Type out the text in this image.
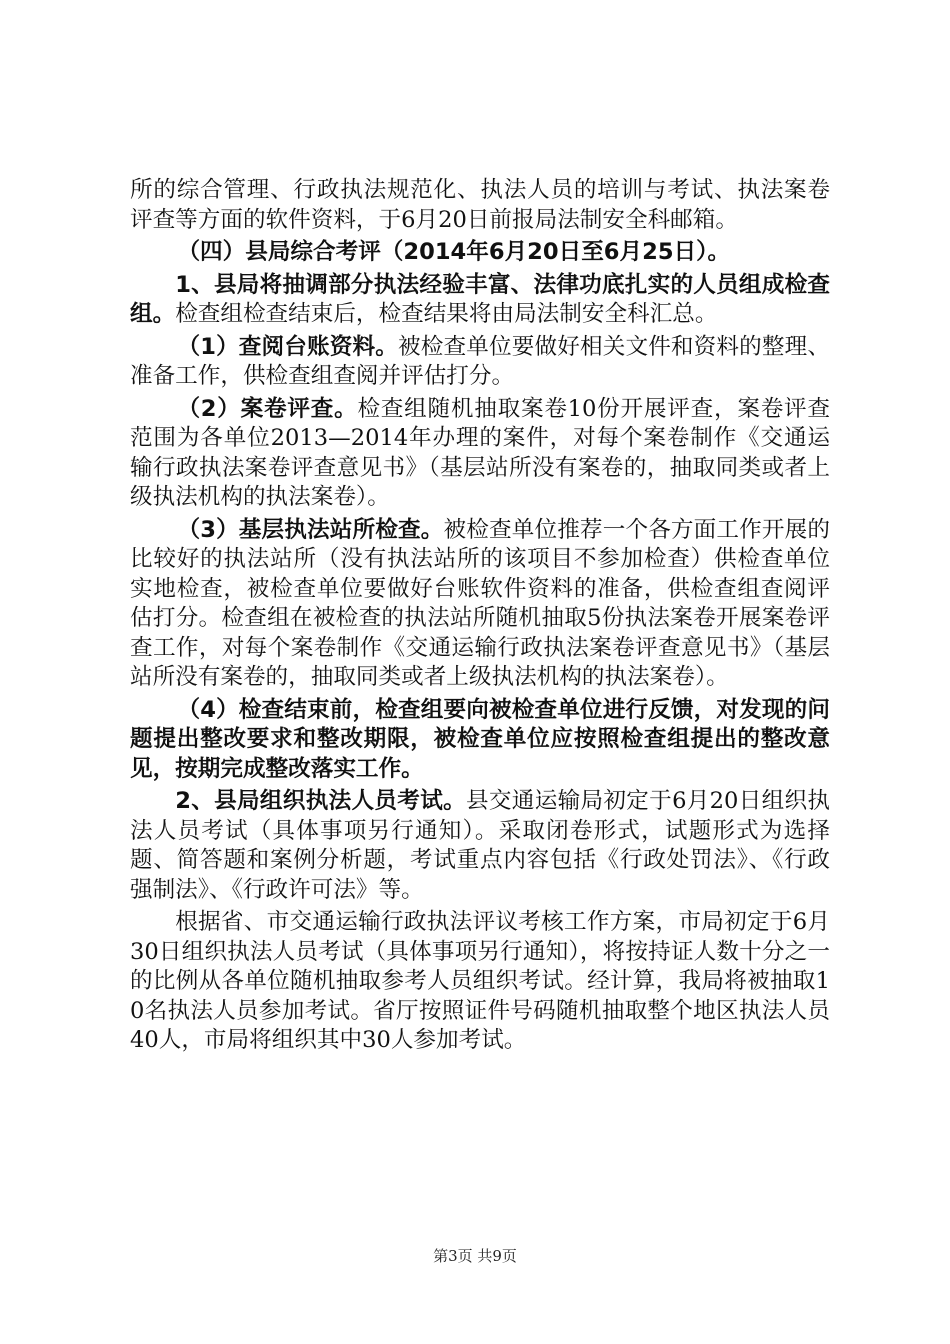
所的综合管理、行政执法规范化、执法人员的培训与考试、执法案卷评查等方面的软件资料，于6月20日前报局法制安全科邮箱。

（四）县局综合考评（2014年6月20日至6月25日）。

1、县局将抽调部分执法经验丰富、法律功底扎实的人员组成检查组。检查组检查结束后，检查结果将由局法制安全科汇总。

（1）查阅台账资料。被检查单位要做好相关文件和资料的整理、准备工作，供检查组查阅并评估打分。

（2）案卷评查。检查组随机抽取案卷10份开展评查，案卷评查范围为各单位2013—2014年办理的案件，对每个案卷制作《交通运输行政执法案卷评查意见书》（基层站所没有案卷的，抽取同类或者上级执法机构的执法案卷）。

（3）基层执法站所检查。被检查单位推荐一个各方面工作开展的比较好的执法站所（没有执法站所的该项目不参加检查）供检查单位实地检查，被检查单位要做好台账软件资料的准备，供检查组查阅评估打分。检查组在被检查的执法站所随机抽取5份执法案卷开展案卷评查工作，对每个案卷制作《交通运输行政执法案卷评查意见书》（基层站所没有案卷的，抽取同类或者上级执法机构的执法案卷）。

（4）检查结束前，检查组要向被检查单位进行反馈，对发现的问题提出整改要求和整改期限，被检查单位应按照检查组提出的整改意见，按期完成整改落实工作。

2、县局组织执法人员考试。县交通运输局初定于6月20日组织执法人员考试（具体事项另行通知）。采取闭卷形式，试题形式为选择题、简答题和案例分析题，考试重点内容包括《行政处罚法》、《行政强制法》、《行政许可法》等。

根据省、市交通运输行政执法评议考核工作方案，市局初定于6月30日组织执法人员考试（具体事项另行通知），将按持证人数十分之一的比例从各单位随机抽取参考人员组织考试。经计算，我局将被抽取10名执法人员参加考试。省厅按照证件号码随机抽取整个地区执法人员40人，市局将组织其中30人参加考试。

第3页 共9页
